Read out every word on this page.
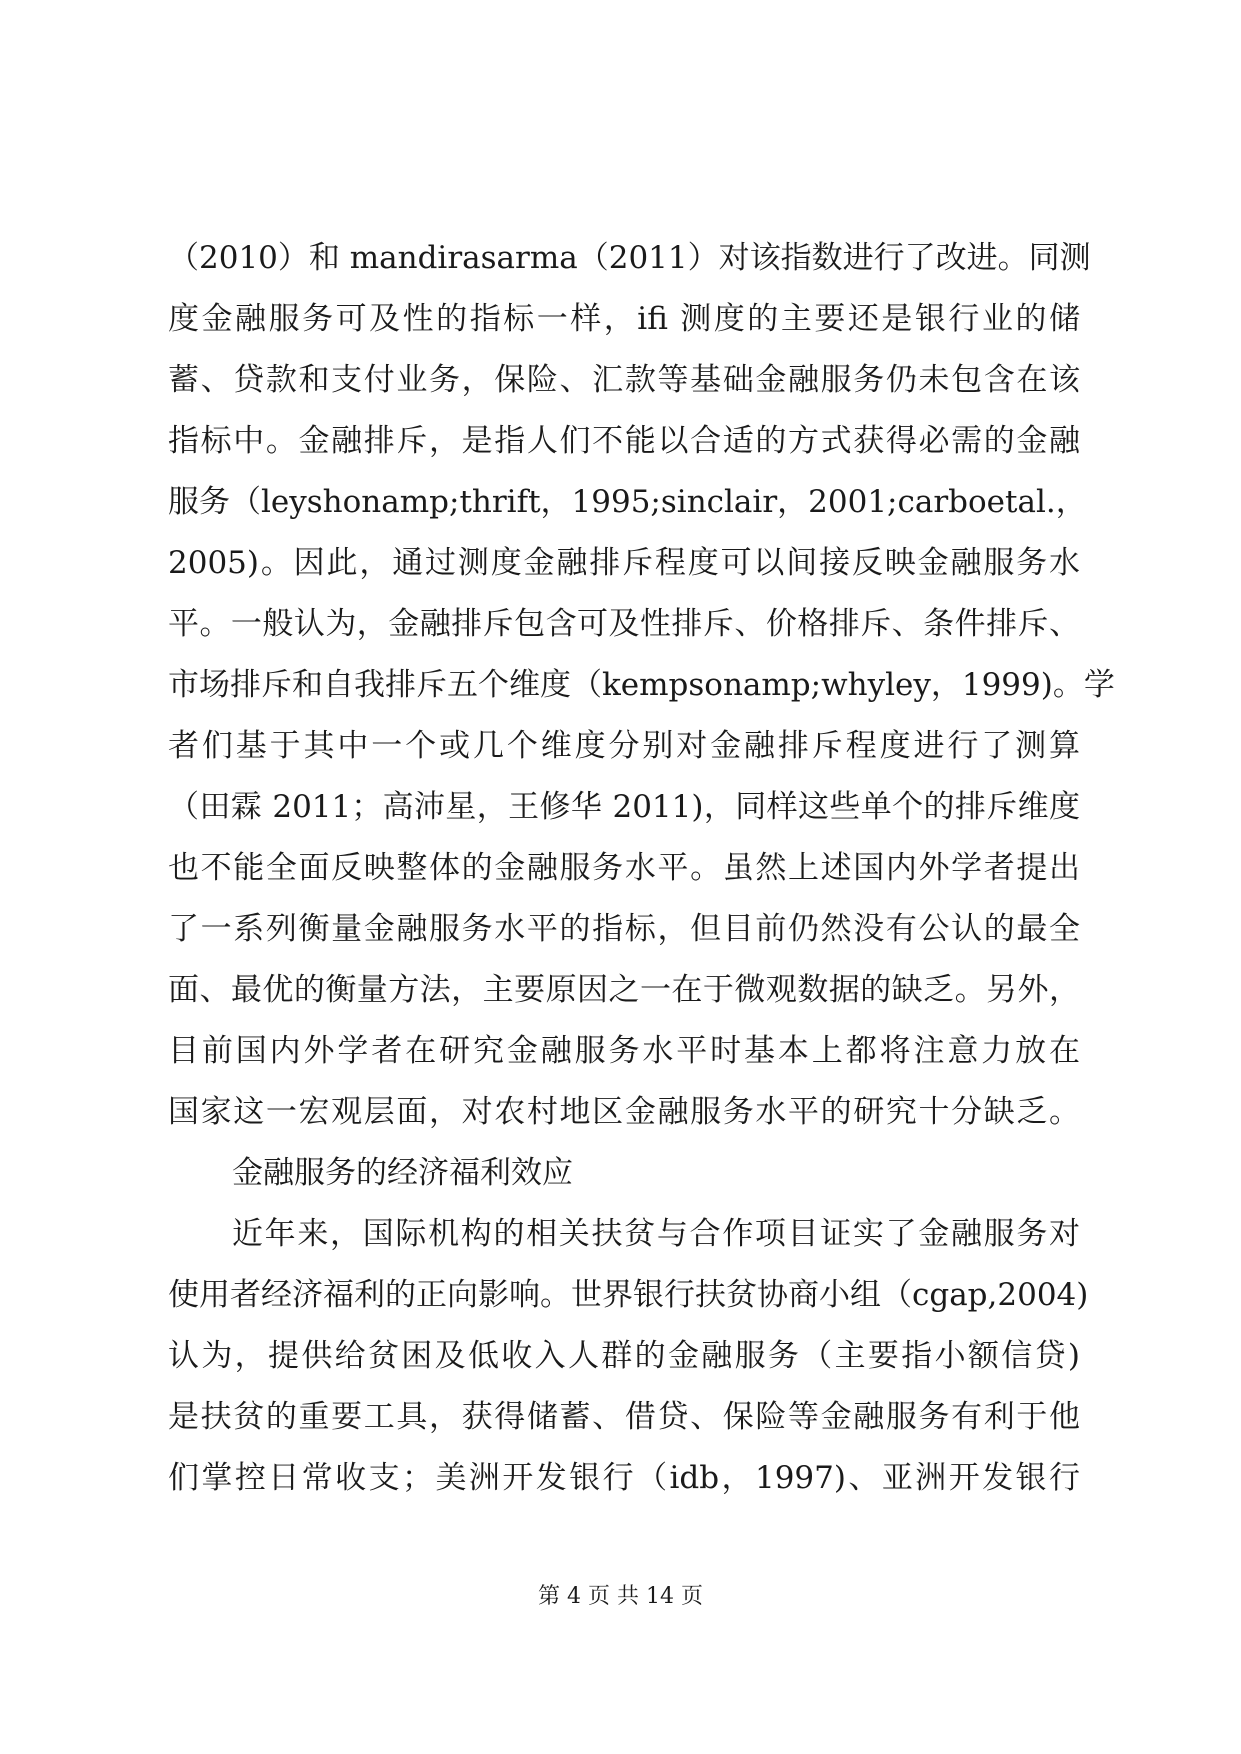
（2010）和 mandirasarma（2011）对该指数进行了改进。同测
度金融服务可及性的指标一样，ifi 测度的主要还是银行业的储
蓄、贷款和支付业务，保险、汇款等基础金融服务仍未包含在该
指标中。金融排斥，是指人们不能以合适的方式获得必需的金融
服务（leyshonamp;thrift，1995;sinclair，2001;carboetal.，
2005)。因此，通过测度金融排斥程度可以间接反映金融服务水
平。一般认为，金融排斥包含可及性排斥、价格排斥、条件排斥、
市场排斥和自我排斥五个维度（kempsonamp;whyley，1999)。学
者们基于其中一个或几个维度分别对金融排斥程度进行了测算
（田霖 2011；高沛星，王修华 2011)，同样这些单个的排斥维度
也不能全面反映整体的金融服务水平。虽然上述国内外学者提出
了一系列衡量金融服务水平的指标，但目前仍然没有公认的最全
面、最优的衡量方法，主要原因之一在于微观数据的缺乏。另外，
目前国内外学者在研究金融服务水平时基本上都将注意力放在
国家这一宏观层面，对农村地区金融服务水平的研究十分缺乏。
金融服务的经济福利效应
近年来，国际机构的相关扶贫与合作项目证实了金融服务对
使用者经济福利的正向影响。世界银行扶贫协商小组（cgap,2004)
认为，提供给贫困及低收入人群的金融服务（主要指小额信贷)
是扶贫的重要工具，获得储蓄、借贷、保险等金融服务有利于他
们掌控日常收支；美洲开发银行（idb，1997)、亚洲开发银行
第 4 页 共 14 页
